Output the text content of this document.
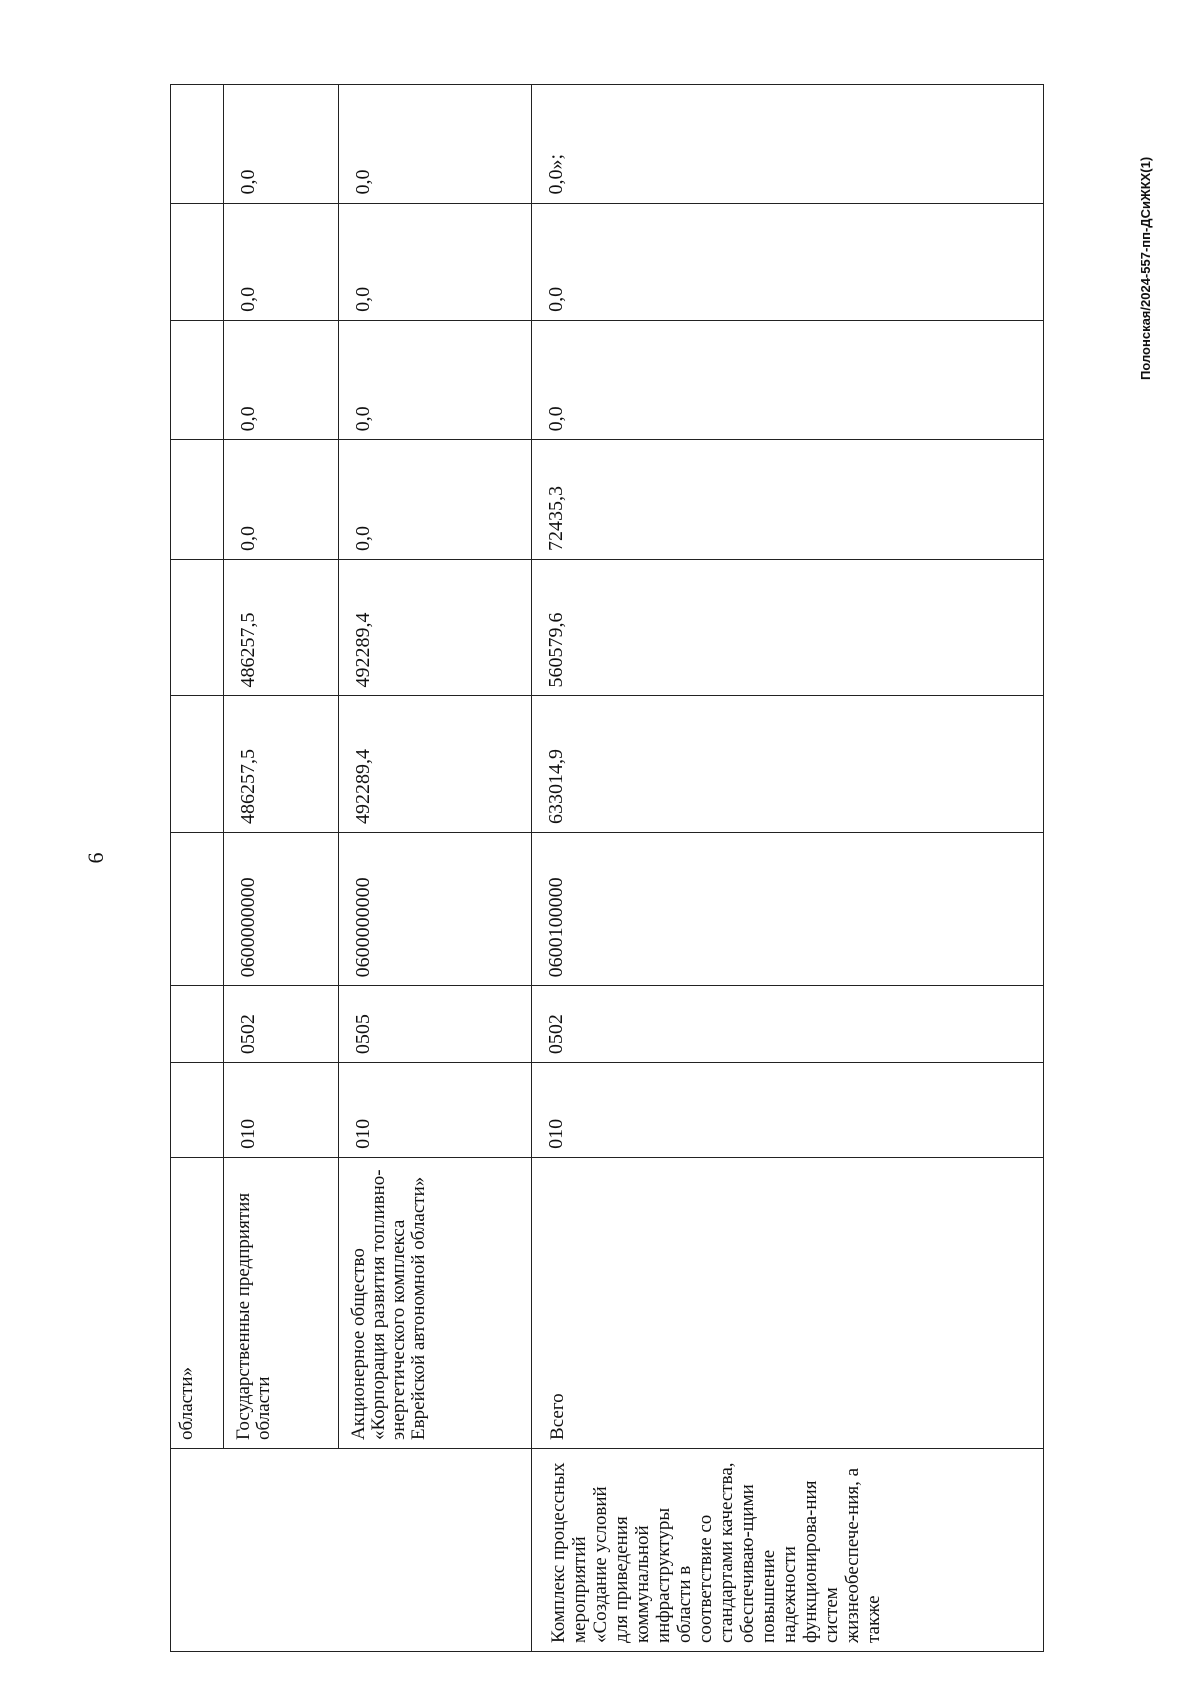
6
Полонская/2024-557-пп-ДСиЖКХ(1)
	области»									
	Государственные предприятия области	010	0502	0600000000	486257,5	486257,5	0,0	0,0	0,0	0,0
	Акционерное общество «Корпорация развития топливно-энергетического комплекса Еврейской автономной области»	010	0505	0600000000	492289,4	492289,4	0,0	0,0	0,0	0,0
Комплекс процессных мероприятий «Создание условий для приведения коммунальной инфраструктуры области в соответствие со стандартами качества, обеспечиваю-щими повышение надежности функционирова-ния систем жизнеобеспече-ния, а также	Всего	010	0502	0600100000	633014,9	560579,6	72435,3	0,0	0,0	0,0»;
